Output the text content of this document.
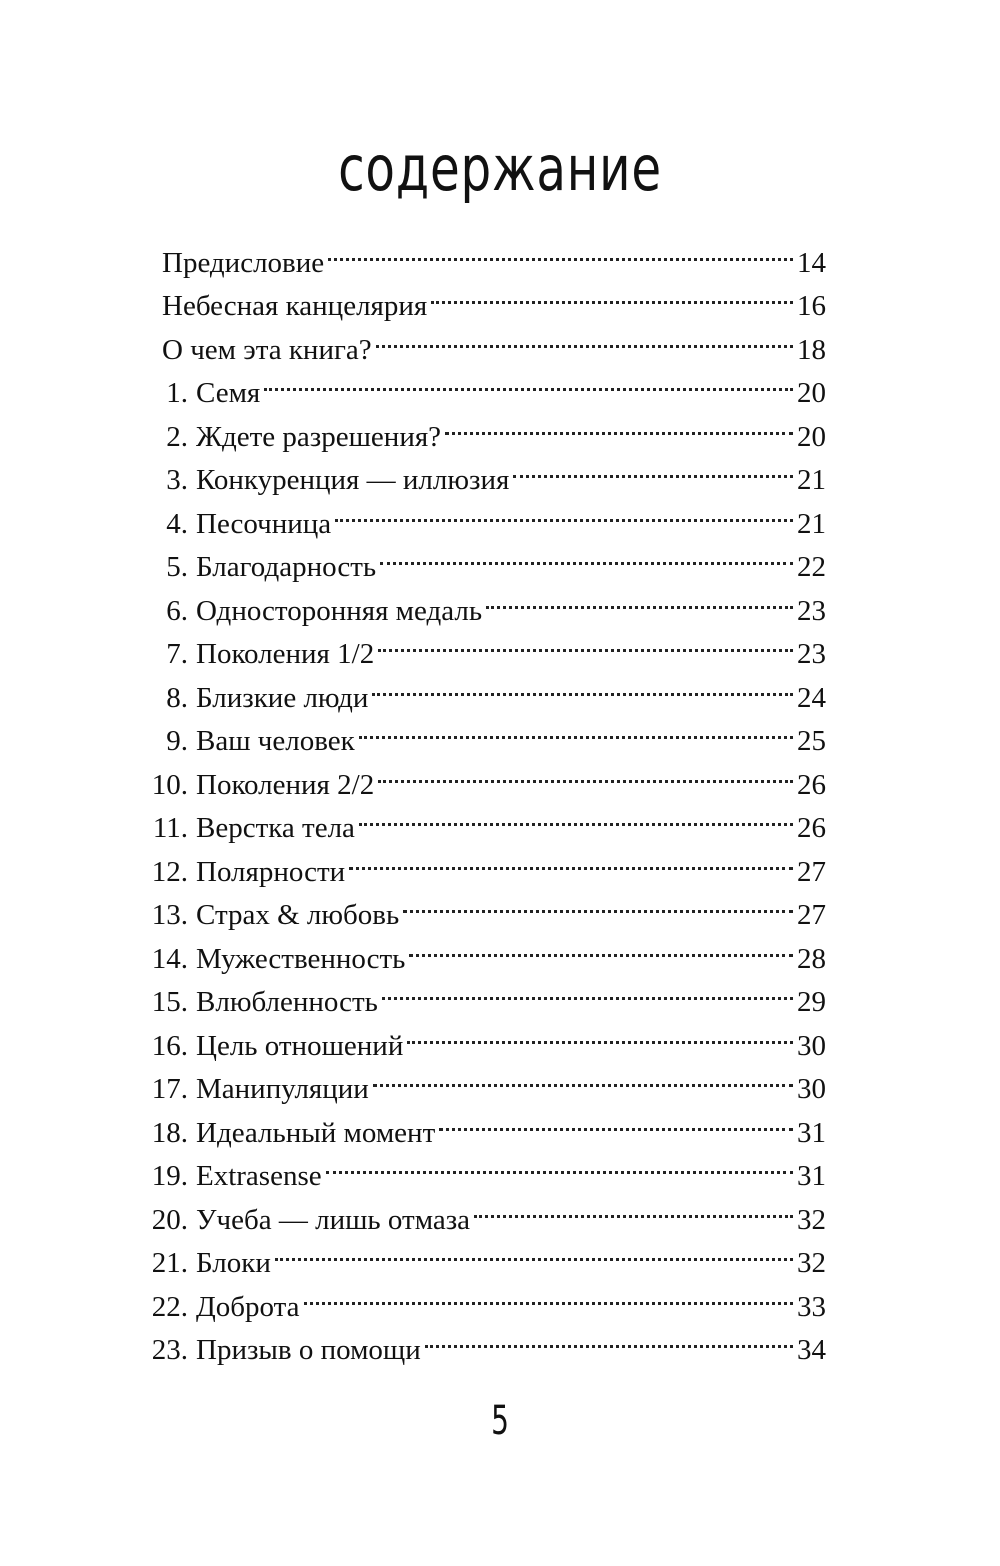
содержание
Предисловие	14
Небесная канцелярия	16
О чем эта книга?	18
1. Семя	20
2. Ждете разрешения?	20
3. Конкуренция — иллюзия	21
4. Песочница	21
5. Благодарность	22
6. Односторонняя медаль	23
7. Поколения 1/2	23
8. Близкие люди	24
9. Ваш человек	25
10. Поколения 2/2	26
11. Верстка тела	26
12. Полярности	27
13. Страх & любовь	27
14. Мужественность	28
15. Влюбленность	29
16. Цель отношений	30
17. Манипуляции	30
18. Идеальный момент	31
19. Extrasense	31
20. Учеба — лишь отмаза	32
21. Блоки	32
22. Доброта	33
23. Призыв о помощи	34
5
